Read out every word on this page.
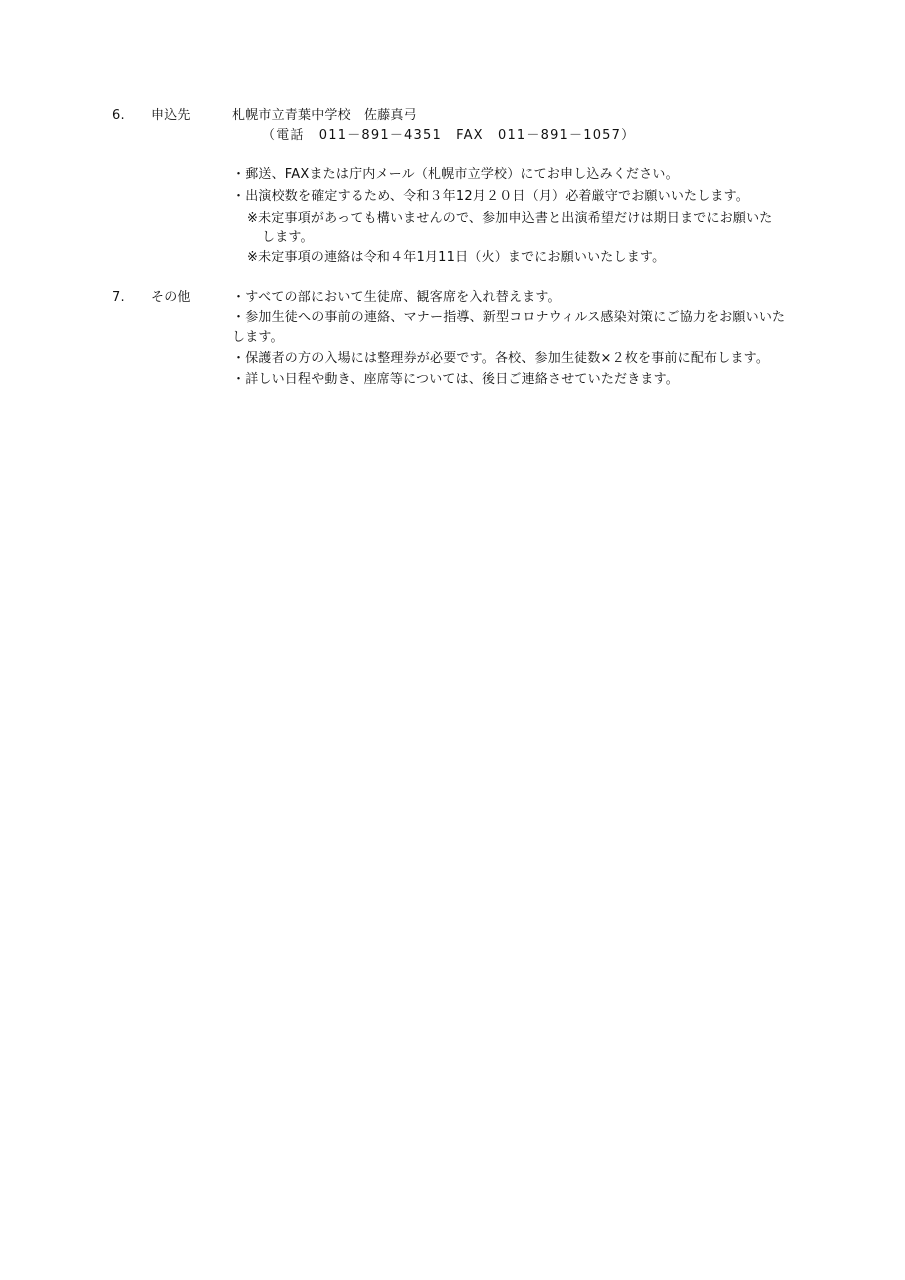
6. 申込先	札幌市立青葉中学校　佐藤真弓
（電話　011－891－4351　FAX　011－891－1057）
・郵送、FAXまたは庁内メール（札幌市立学校）にてお申し込みください。
・出演校数を確定するため、令和３年12月２０日（月）必着厳守でお願いいたします。
※未定事項があっても構いませんので、参加申込書と出演希望だけは期日までにお願いた
します。
※未定事項の連絡は令和４年1月11日（火）までにお願いいたします。
7. その他	・すべての部において生徒席、観客席を入れ替えます。
・参加生徒への事前の連絡、マナー指導、新型コロナウィルス感染対策にご協力をお願いいた
します。
・保護者の方の入場には整理券が必要です。各校、参加生徒数×２枚を事前に配布します。
・詳しい日程や動き、座席等については、後日ご連絡させていただきます。
